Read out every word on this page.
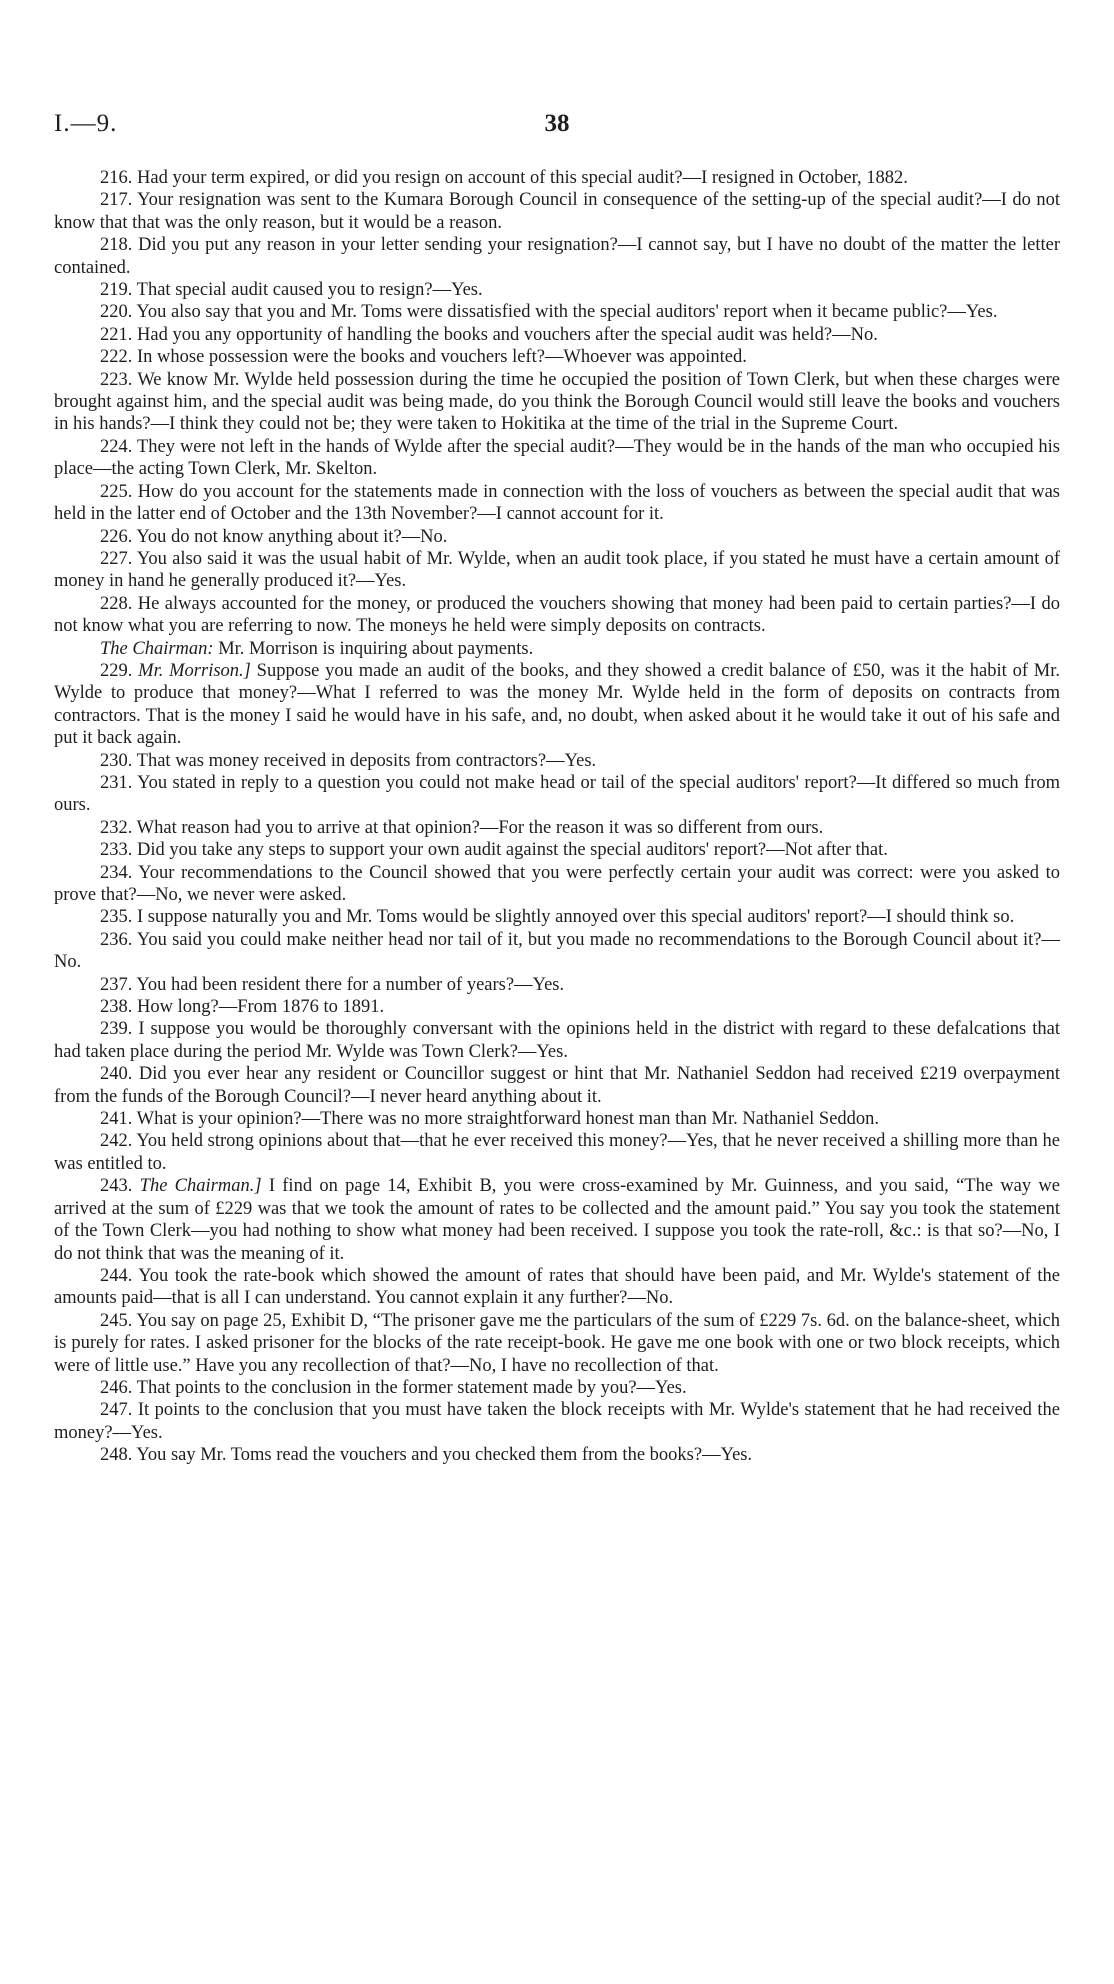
I.—9.	38

216. Had your term expired, or did you resign on account of this special audit?—I resigned in October, 1882.

217. Your resignation was sent to the Kumara Borough Council in consequence of the setting-up of the special audit?—I do not know that that was the only reason, but it would be a reason.

218. Did you put any reason in your letter sending your resignation?—I cannot say, but I have no doubt of the matter the letter contained.

219. That special audit caused you to resign?—Yes.

220. You also say that you and Mr. Toms were dissatisfied with the special auditors' report when it became public?—Yes.

221. Had you any opportunity of handling the books and vouchers after the special audit was held?—No.

222. In whose possession were the books and vouchers left?—Whoever was appointed.

223. We know Mr. Wylde held possession during the time he occupied the position of Town Clerk, but when these charges were brought against him, and the special audit was being made, do you think the Borough Council would still leave the books and vouchers in his hands?—I think they could not be; they were taken to Hokitika at the time of the trial in the Supreme Court.

224. They were not left in the hands of Wylde after the special audit?—They would be in the hands of the man who occupied his place—the acting Town Clerk, Mr. Skelton.

225. How do you account for the statements made in connection with the loss of vouchers as between the special audit that was held in the latter end of October and the 13th November?—I cannot account for it.

226. You do not know anything about it?—No.

227. You also said it was the usual habit of Mr. Wylde, when an audit took place, if you stated he must have a certain amount of money in hand he generally produced it?—Yes.

228. He always accounted for the money, or produced the vouchers showing that money had been paid to certain parties?—I do not know what you are referring to now. The moneys he held were simply deposits on contracts.

The Chairman: Mr. Morrison is inquiring about payments.

229. Mr. Morrison.] Suppose you made an audit of the books, and they showed a credit balance of £50, was it the habit of Mr. Wylde to produce that money?—What I referred to was the money Mr. Wylde held in the form of deposits on contracts from contractors. That is the money I said he would have in his safe, and, no doubt, when asked about it he would take it out of his safe and put it back again.

230. That was money received in deposits from contractors?—Yes.

231. You stated in reply to a question you could not make head or tail of the special auditors' report?—It differed so much from ours.

232. What reason had you to arrive at that opinion?—For the reason it was so different from ours.

233. Did you take any steps to support your own audit against the special auditors' report?—Not after that.

234. Your recommendations to the Council showed that you were perfectly certain your audit was correct: were you asked to prove that?—No, we never were asked.

235. I suppose naturally you and Mr. Toms would be slightly annoyed over this special auditors' report?—I should think so.

236. You said you could make neither head nor tail of it, but you made no recommendations to the Borough Council about it?—No.

237. You had been resident there for a number of years?—Yes.

238. How long?—From 1876 to 1891.

239. I suppose you would be thoroughly conversant with the opinions held in the district with regard to these defalcations that had taken place during the period Mr. Wylde was Town Clerk?—Yes.

240. Did you ever hear any resident or Councillor suggest or hint that Mr. Nathaniel Seddon had received £219 overpayment from the funds of the Borough Council?—I never heard anything about it.

241. What is your opinion?—There was no more straightforward honest man than Mr. Nathaniel Seddon.

242. You held strong opinions about that—that he ever received this money?—Yes, that he never received a shilling more than he was entitled to.

243. The Chairman.] I find on page 14, Exhibit B, you were cross-examined by Mr. Guinness, and you said, “The way we arrived at the sum of £229 was that we took the amount of rates to be collected and the amount paid.” You say you took the statement of the Town Clerk—you had nothing to show what money had been received. I suppose you took the rate-roll, &c.: is that so?—No, I do not think that was the meaning of it.

244. You took the rate-book which showed the amount of rates that should have been paid, and Mr. Wylde's statement of the amounts paid—that is all I can understand. You cannot explain it any further?—No.

245. You say on page 25, Exhibit D, “The prisoner gave me the particulars of the sum of £229 7s. 6d. on the balance-sheet, which is purely for rates. I asked prisoner for the blocks of the rate receipt-book. He gave me one book with one or two block receipts, which were of little use.” Have you any recollection of that?—No, I have no recollection of that.

246. That points to the conclusion in the former statement made by you?—Yes.

247. It points to the conclusion that you must have taken the block receipts with Mr. Wylde's statement that he had received the money?—Yes.

248. You say Mr. Toms read the vouchers and you checked them from the books?—Yes.
